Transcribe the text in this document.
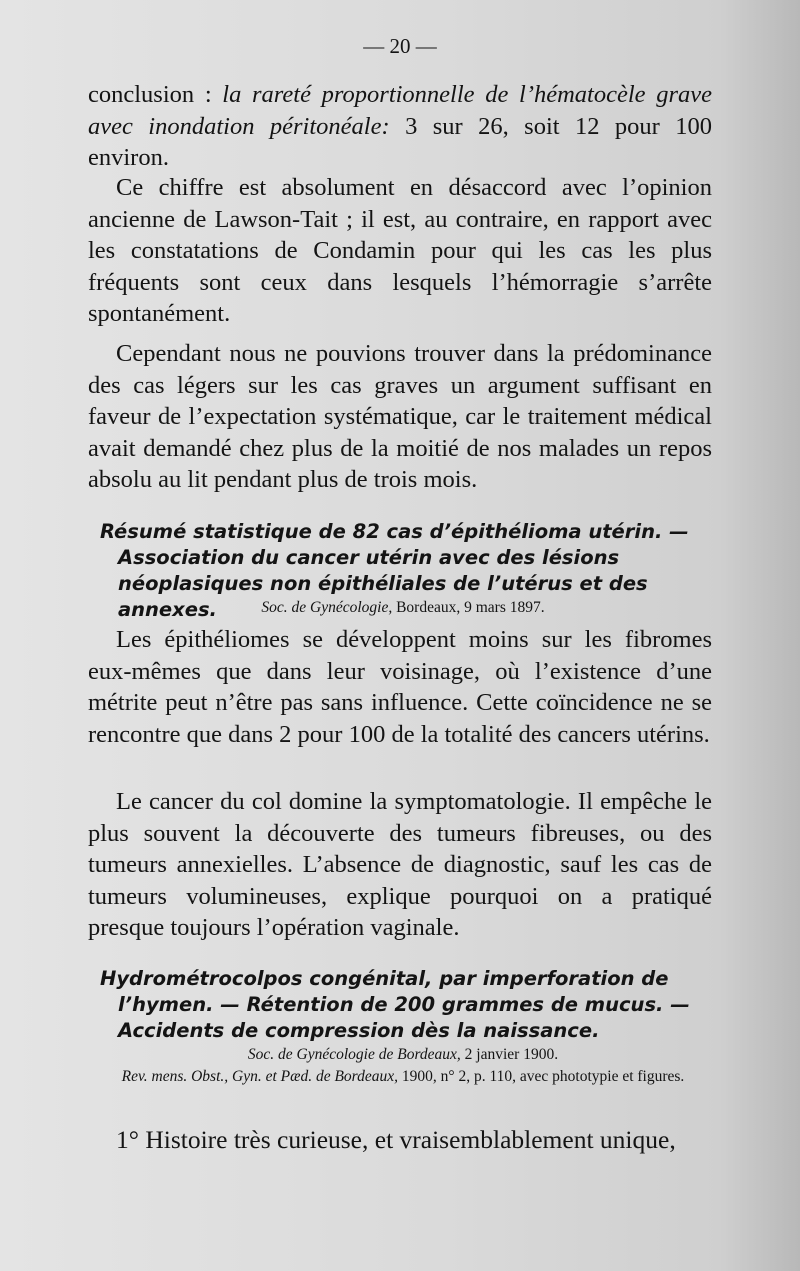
— 20 —

conclusion : la rareté proportionnelle de l’hématocèle grave avec inondation péritonéale: 3 sur 26, soit 12 pour 100 environ.

Ce chiffre est absolument en désaccord avec l’opinion ancienne de Lawson-Tait ; il est, au contraire, en rapport avec les constatations de Condamin pour qui les cas les plus fréquents sont ceux dans lesquels l’hémorragie s’arrête spontanément.

Cependant nous ne pouvions trouver dans la prédominance des cas légers sur les cas graves un argument suffisant en faveur de l’expectation systématique, car le traitement médical avait demandé chez plus de la moitié de nos malades un repos absolu au lit pendant plus de trois mois.

Résumé statistique de 82 cas d’épithélioma utérin. — Association du cancer utérin avec des lésions néoplasiques non épithéliales de l’utérus et des annexes.	Soc. de Gynécologie, Bordeaux, 9 mars 1897.

Les épithéliomes se développent moins sur les fibromes eux-mêmes que dans leur voisinage, où l’existence d’une métrite peut n’être pas sans influence. Cette coïncidence ne se rencontre que dans 2 pour 100 de la totalité des cancers utérins.

Le cancer du col domine la symptomatologie. Il empêche le plus souvent la découverte des tumeurs fibreuses, ou des tumeurs annexielles. L’absence de diagnostic, sauf les cas de tumeurs volumineuses, explique pourquoi on a pratiqué presque toujours l’opération vaginale.

Hydrométrocolpos congénital, par imperforation de l’hymen. — Rétention de 200 grammes de mucus. — Accidents de compression dès la naissance.

Soc. de Gynécologie de Bordeaux, 2 janvier 1900.
Rev. mens. Obst., Gyn. et Pæd. de Bordeaux, 1900, n° 2, p. 110, avec phototypie et figures.

1° Histoire très curieuse, et vraisemblablement unique,
